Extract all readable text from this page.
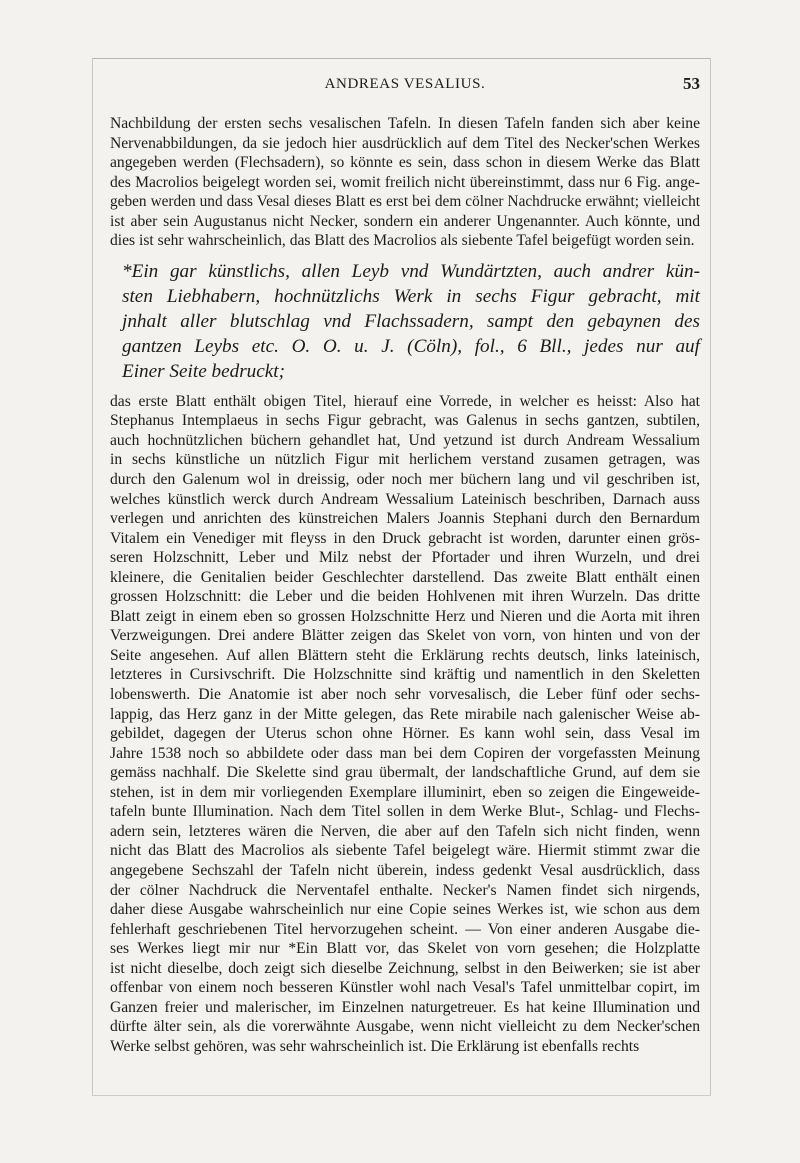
ANDREAS VESALIUS.	53
Nachbildung der ersten sechs vesalischen Tafeln. In diesen Tafeln fanden sich aber keine
Nervenabbildungen, da sie jedoch hier ausdrücklich auf dem Titel des Necker'schen Werkes
angegeben werden (Flechsadern), so könnte es sein, dass schon in diesem Werke das Blatt
des Macrolios beigelegt worden sei, womit freilich nicht übereinstimmt, dass nur 6 Fig. ange-
geben werden und dass Vesal dieses Blatt es erst bei dem cölner Nachdrucke erwähnt; vielleicht
ist aber sein Augustanus nicht Necker, sondern ein anderer Ungenannter. Auch könnte, und
dies ist sehr wahrscheinlich, das Blatt des Macrolios als siebente Tafel beigefügt worden sein.
*Ein gar künstlichs, allen Leyb vnd Wundärtzten, auch andrer kün-
sten Liebhabern, hochnützlichs Werk in sechs Figur gebracht, mit
jnhalt aller blutschlag vnd Flachssadern, sampt den gebaynen des
gantzen Leybs etc. O. O. u. J. (Cöln), fol., 6 Bll., jedes nur auf
Einer Seite bedruckt;
das erste Blatt enthält obigen Titel, hierauf eine Vorrede, in welcher es heisst: Also hat
Stephanus Intemplaeus in sechs Figur gebracht, was Galenus in sechs gantzen, subtilen,
auch hochnützlichen büchern gehandlet hat, Und yetzund ist durch Andream Wessalium
in sechs künstliche un nützlich Figur mit herlichem verstand zusamen getragen, was
durch den Galenum wol in dreissig, oder noch mer büchern lang und vil geschriben ist,
welches künstlich werck durch Andream Wessalium Lateinisch beschriben, Darnach auss
verlegen und anrichten des künstreichen Malers Joannis Stephani durch den Bernardum
Vitalem ein Venediger mit fleyss in den Druck gebracht ist worden, darunter einen grös-
seren Holzschnitt, Leber und Milz nebst der Pfortader und ihren Wurzeln, und drei
kleinere, die Genitalien beider Geschlechter darstellend. Das zweite Blatt enthält einen
grossen Holzschnitt: die Leber und die beiden Hohlvenen mit ihren Wurzeln. Das dritte
Blatt zeigt in einem eben so grossen Holzschnitte Herz und Nieren und die Aorta mit ihren
Verzweigungen. Drei andere Blätter zeigen das Skelet von vorn, von hinten und von der
Seite angesehen. Auf allen Blättern steht die Erklärung rechts deutsch, links lateinisch,
letzteres in Cursivschrift. Die Holzschnitte sind kräftig und namentlich in den Skeletten
lobenswerth. Die Anatomie ist aber noch sehr vorvesalisch, die Leber fünf oder sechs-
lappig, das Herz ganz in der Mitte gelegen, das Rete mirabile nach galenischer Weise ab-
gebildet, dagegen der Uterus schon ohne Hörner. Es kann wohl sein, dass Vesal im
Jahre 1538 noch so abbildete oder dass man bei dem Copiren der vorgefassten Meinung
gemäss nachhalf. Die Skelette sind grau übermalt, der landschaftliche Grund, auf dem sie
stehen, ist in dem mir vorliegenden Exemplare illuminirt, eben so zeigen die Eingeweide-
tafeln bunte Illumination. Nach dem Titel sollen in dem Werke Blut-, Schlag- und Flechs-
adern sein, letzteres wären die Nerven, die aber auf den Tafeln sich nicht finden, wenn
nicht das Blatt des Macrolios als siebente Tafel beigelegt wäre. Hiermit stimmt zwar die
angegebene Sechszahl der Tafeln nicht überein, indess gedenkt Vesal ausdrücklich, dass
der cölner Nachdruck die Nerventafel enthalte. Necker's Namen findet sich nirgends,
daher diese Ausgabe wahrscheinlich nur eine Copie seines Werkes ist, wie schon aus dem
fehlerhaft geschriebenen Titel hervorzugehen scheint. — Von einer anderen Ausgabe die-
ses Werkes liegt mir nur *Ein Blatt vor, das Skelet von vorn gesehen; die Holzplatte
ist nicht dieselbe, doch zeigt sich dieselbe Zeichnung, selbst in den Beiwerken; sie ist aber
offenbar von einem noch besseren Künstler wohl nach Vesal's Tafel unmittelbar copirt, im
Ganzen freier und malerischer, im Einzelnen naturgetreuer. Es hat keine Illumination und
dürfte älter sein, als die vorerwähnte Ausgabe, wenn nicht vielleicht zu dem Necker'schen
Werke selbst gehören, was sehr wahrscheinlich ist. Die Erklärung ist ebenfalls rechts
